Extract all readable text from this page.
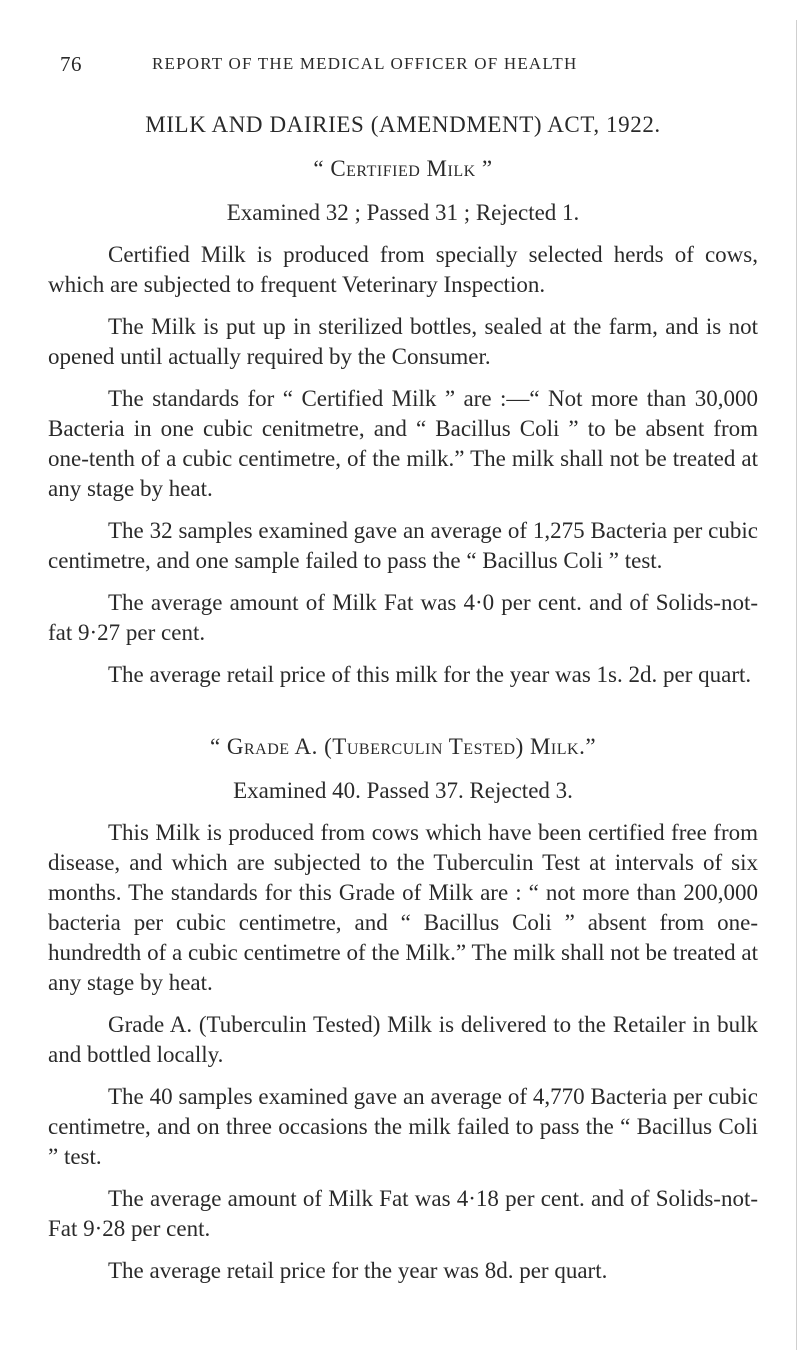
76	REPORT OF THE MEDICAL OFFICER OF HEALTH

MILK AND DAIRIES (AMENDMENT) ACT, 1922.

“ Certified Milk ”

Examined 32 ; Passed 31 ; Rejected 1.

Certified Milk is produced from specially selected herds of cows, which are subjected to frequent Veterinary Inspection.

The Milk is put up in sterilized bottles, sealed at the farm, and is not opened until actually required by the Consumer.

The standards for “ Certified Milk ” are :—“ Not more than 30,000 Bacteria in one cubic cenitmetre, and “ Bacillus Coli ” to be absent from one-tenth of a cubic centimetre, of the milk.” The milk shall not be treated at any stage by heat.

The 32 samples examined gave an average of 1,275 Bacteria per cubic centimetre, and one sample failed to pass the “ Bacillus Coli ” test.

The average amount of Milk Fat was 4·0 per cent. and of Solids-not-fat 9·27 per cent.

The average retail price of this milk for the year was 1s. 2d. per quart.

“ Grade A. (Tuberculin Tested) Milk.”

Examined 40. Passed 37. Rejected 3.

This Milk is produced from cows which have been certified free from disease, and which are subjected to the Tuberculin Test at intervals of six months. The standards for this Grade of Milk are : “ not more than 200,000 bacteria per cubic centimetre, and “ Bacillus Coli ” absent from one-hundredth of a cubic centimetre of the Milk.” The milk shall not be treated at any stage by heat.

Grade A. (Tuberculin Tested) Milk is delivered to the Retailer in bulk and bottled locally.

The 40 samples examined gave an average of 4,770 Bacteria per cubic centimetre, and on three occasions the milk failed to pass the “ Bacillus Coli ” test.

The average amount of Milk Fat was 4·18 per cent. and of Solids-not-Fat 9·28 per cent.

The average retail price for the year was 8d. per quart.
